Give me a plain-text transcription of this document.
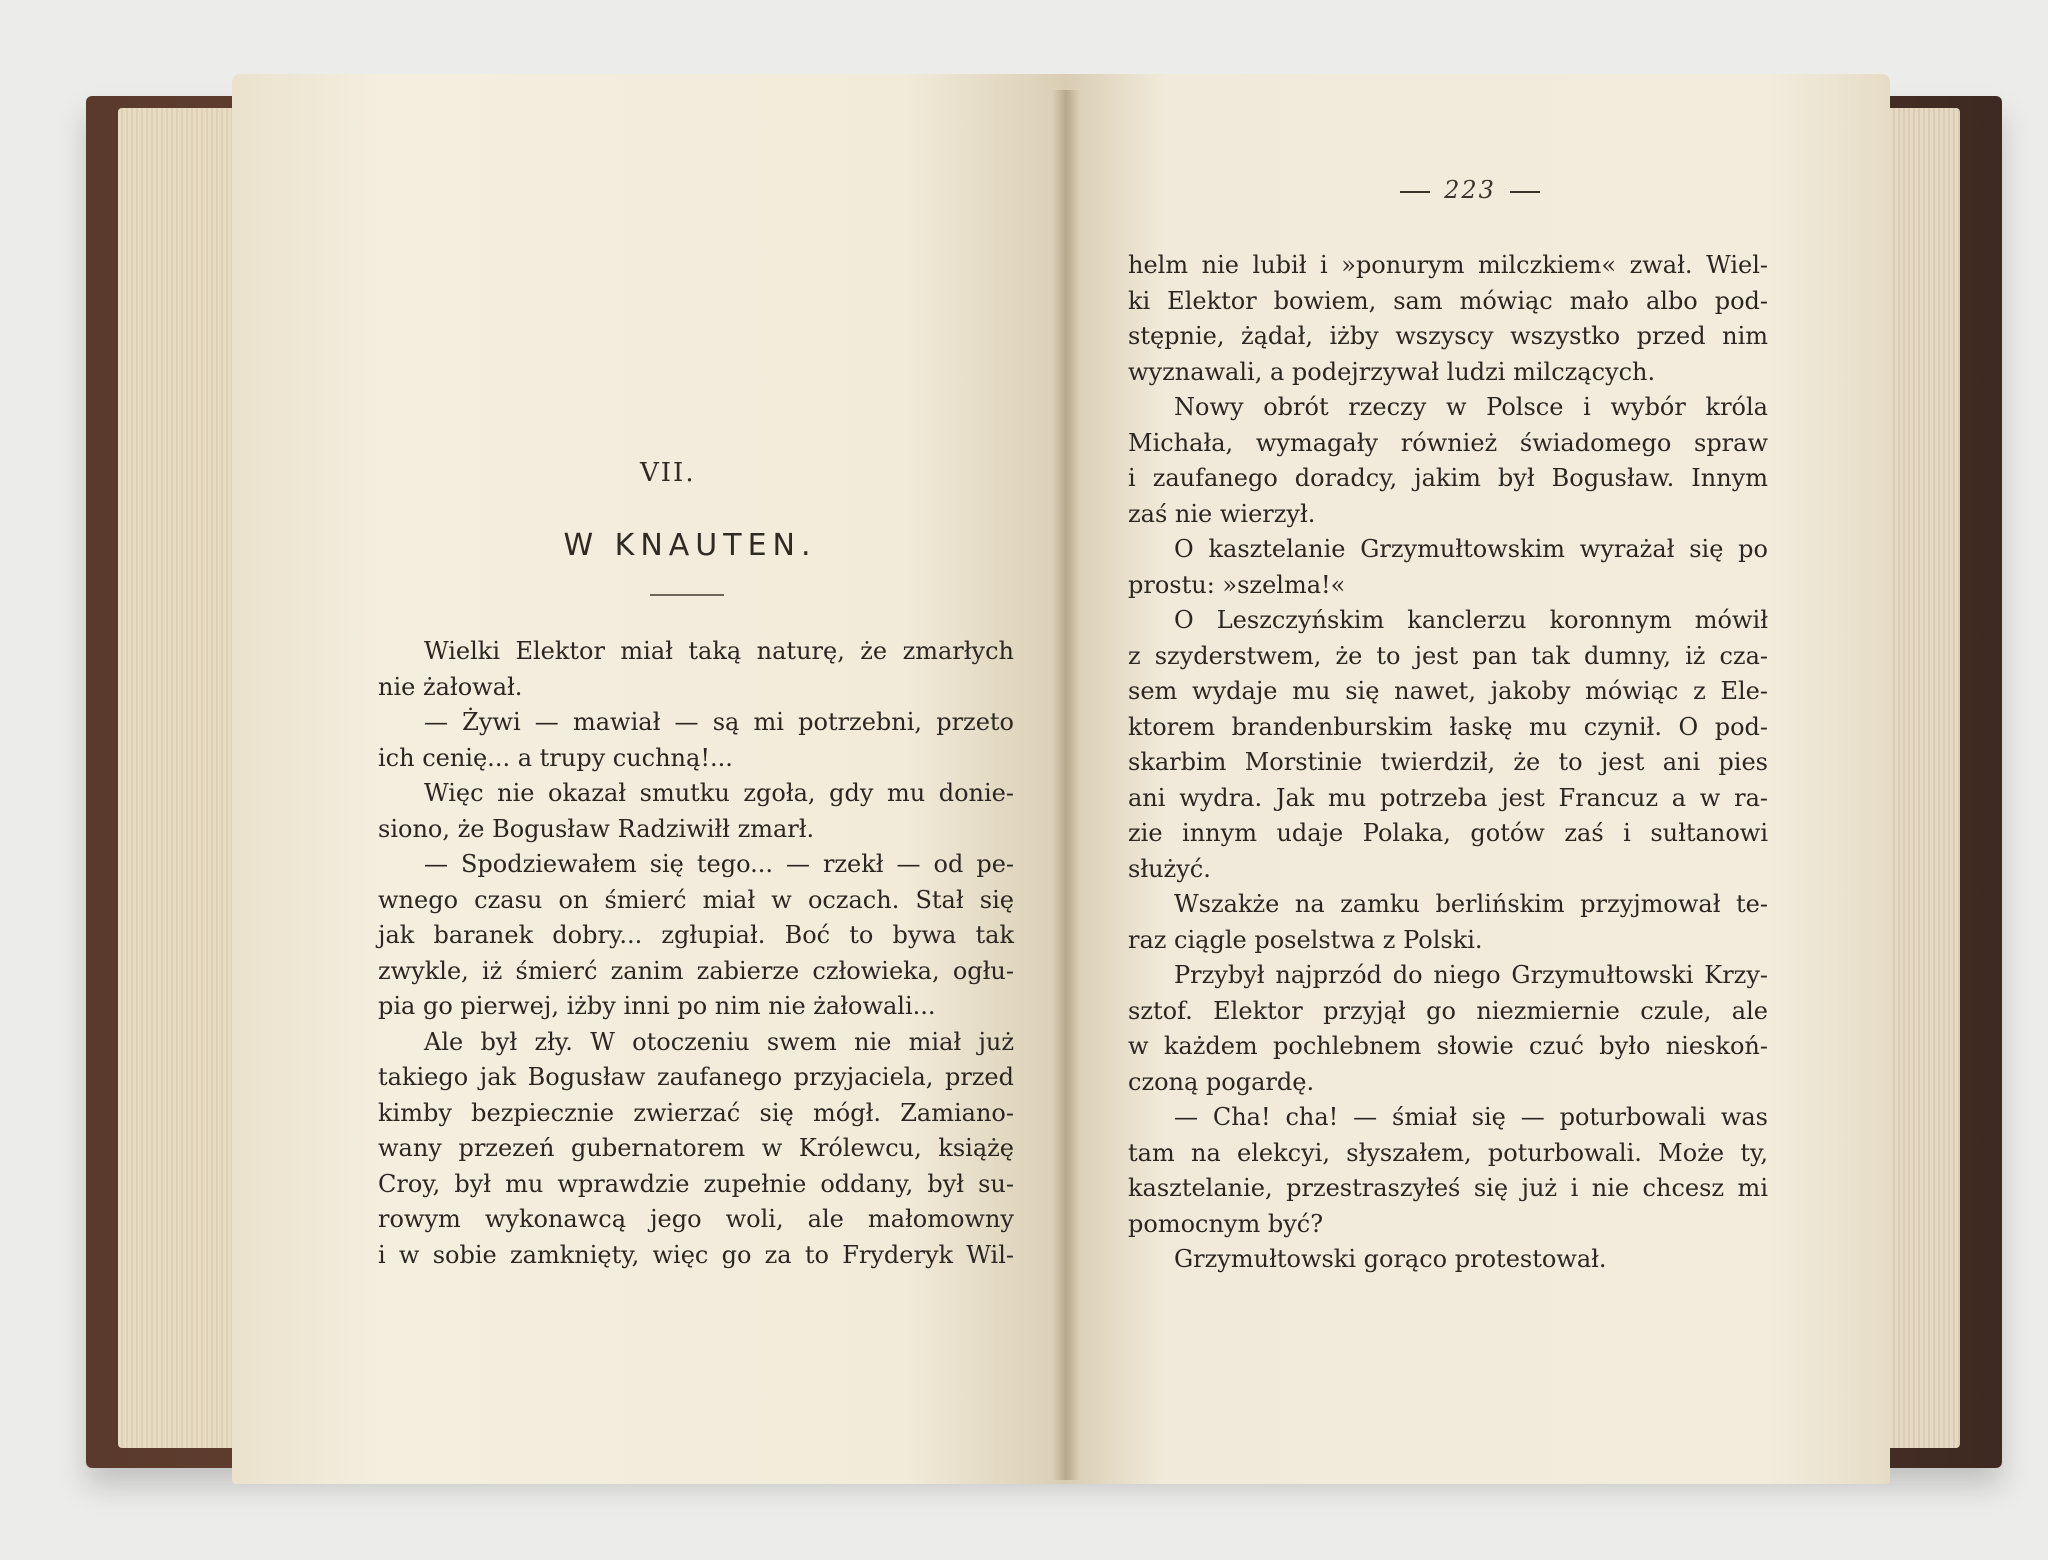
VII.
W KNAUTEN.

Wielki Elektor miał taką naturę, że zmarłych

nie żałował.

— Żywi — mawiał — są mi potrzebni, przeto

ich cenię... a trupy cuchną!...

Więc nie okazał smutku zgoła, gdy mu donie-

siono, że Bogusław Radziwiłł zmarł.

— Spodziewałem się tego... — rzekł — od pe-

wnego czasu on śmierć miał w oczach. Stał się

jak baranek dobry... zgłupiał. Boć to bywa tak

zwykle, iż śmierć zanim zabierze człowieka, ogłu-

pia go pierwej, iżby inni po nim nie żałowali...

Ale był zły. W otoczeniu swem nie miał już

takiego jak Bogusław zaufanego przyjaciela, przed

kimby bezpiecznie zwierzać się mógł. Zamiano-

wany przezeń gubernatorem w Królewcu, książę

Croy, był mu wprawdzie zupełnie oddany, był su-

rowym wykonawcą jego woli, ale małomowny

i w sobie zamknięty, więc go za to Fryderyk Wil-

223

helm nie lubił i »ponurym milczkiem« zwał. Wiel-

ki Elektor bowiem, sam mówiąc mało albo pod-

stępnie, żądał, iżby wszyscy wszystko przed nim

wyznawali, a podejrzywał ludzi milczących.

Nowy obrót rzeczy w Polsce i wybór króla

Michała, wymagały również świadomego spraw

i zaufanego doradcy, jakim był Bogusław. Innym

zaś nie wierzył.

O kasztelanie Grzymułtowskim wyrażał się po

prostu: »szelma!«

O Leszczyńskim kanclerzu koronnym mówił

z szyderstwem, że to jest pan tak dumny, iż cza-

sem wydaje mu się nawet, jakoby mówiąc z Ele-

ktorem brandenburskim łaskę mu czynił. O pod-

skarbim Morstinie twierdził, że to jest ani pies

ani wydra. Jak mu potrzeba jest Francuz a w ra-

zie innym udaje Polaka, gotów zaś i sułtanowi

służyć.

Wszakże na zamku berlińskim przyjmował te-

raz ciągle poselstwa z Polski.

Przybył najprzód do niego Grzymułtowski Krzy-

sztof. Elektor przyjął go niezmiernie czule, ale

w każdem pochlebnem słowie czuć było nieskoń-

czoną pogardę.

— Cha! cha! — śmiał się — poturbowali was

tam na elekcyi, słyszałem, poturbowali. Może ty,

kasztelanie, przestraszyłeś się już i nie chcesz mi

pomocnym być?

Grzymułtowski gorąco protestował.
